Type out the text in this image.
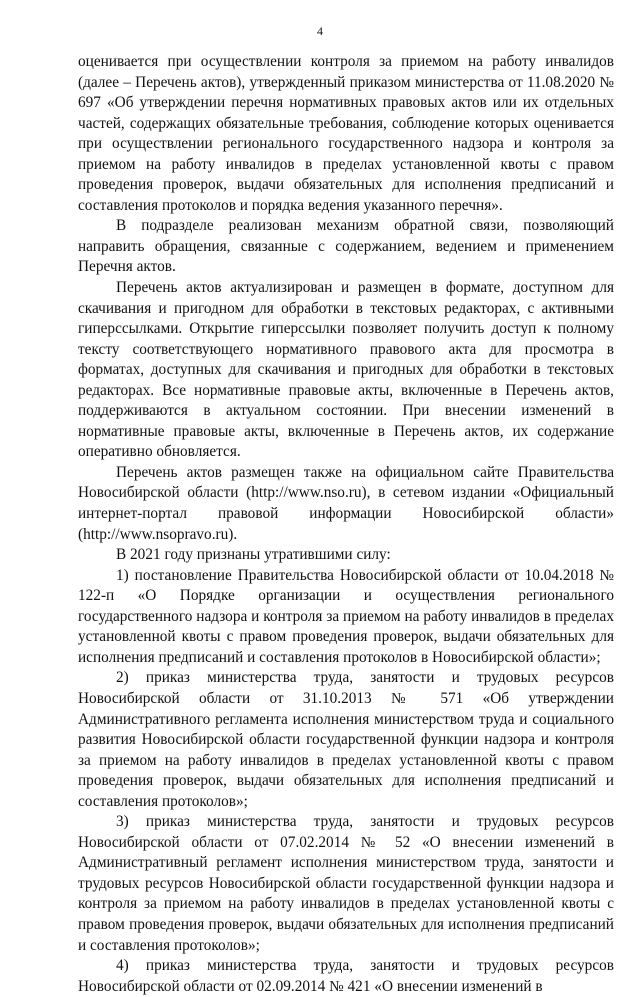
4

оценивается при осуществлении контроля за приемом на работу инвалидов (далее – Перечень актов), утвержденный приказом министерства от 11.08.2020 № 697 «Об утверждении перечня нормативных правовых актов или их отдельных частей, содержащих обязательные требования, соблюдение которых оценивается при осуществлении регионального государственного надзора и контроля за приемом на работу инвалидов в пределах установленной квоты с правом проведения проверок, выдачи обязательных для исполнения предписаний и составления протоколов и порядка ведения указанного перечня».

В подразделе реализован механизм обратной связи, позволяющий направить обращения, связанные с содержанием, ведением и применением Перечня актов.

Перечень актов актуализирован и размещен в формате, доступном для скачивания и пригодном для обработки в текстовых редакторах, с активными гиперссылками. Открытие гиперссылки позволяет получить доступ к полному тексту соответствующего нормативного правового акта для просмотра в форматах, доступных для скачивания и пригодных для обработки в текстовых редакторах. Все нормативные правовые акты, включенные в Перечень актов, поддерживаются в актуальном состоянии. При внесении изменений в нормативные правовые акты, включенные в Перечень актов, их содержание оперативно обновляется.

Перечень актов размещен также на официальном сайте Правительства Новосибирской области (http://www.nso.ru), в сетевом издании «Официальный интернет-портал правовой информации Новосибирской области» (http://www.nsopravo.ru).

В 2021 году признаны утратившими силу:

1) постановление Правительства Новосибирской области от 10.04.2018 № 122-п «О Порядке организации и осуществления регионального государственного надзора и контроля за приемом на работу инвалидов в пределах установленной квоты с правом проведения проверок, выдачи обязательных для исполнения предписаний и составления протоколов в Новосибирской области»;

2) приказ министерства труда, занятости и трудовых ресурсов Новосибирской области от 31.10.2013 № 571 «Об утверждении Административного регламента исполнения министерством труда и социального развития Новосибирской области государственной функции надзора и контроля за приемом на работу инвалидов в пределах установленной квоты с правом проведения проверок, выдачи обязательных для исполнения предписаний и составления протоколов»;

3) приказ министерства труда, занятости и трудовых ресурсов Новосибирской области от 07.02.2014 № 52 «О внесении изменений в Административный регламент исполнения министерством труда, занятости и трудовых ресурсов Новосибирской области государственной функции надзора и контроля за приемом на работу инвалидов в пределах установленной квоты с правом проведения проверок, выдачи обязательных для исполнения предписаний и составления протоколов»;

4) приказ министерства труда, занятости и трудовых ресурсов Новосибирской области от 02.09.2014 № 421 «О внесении изменений в
